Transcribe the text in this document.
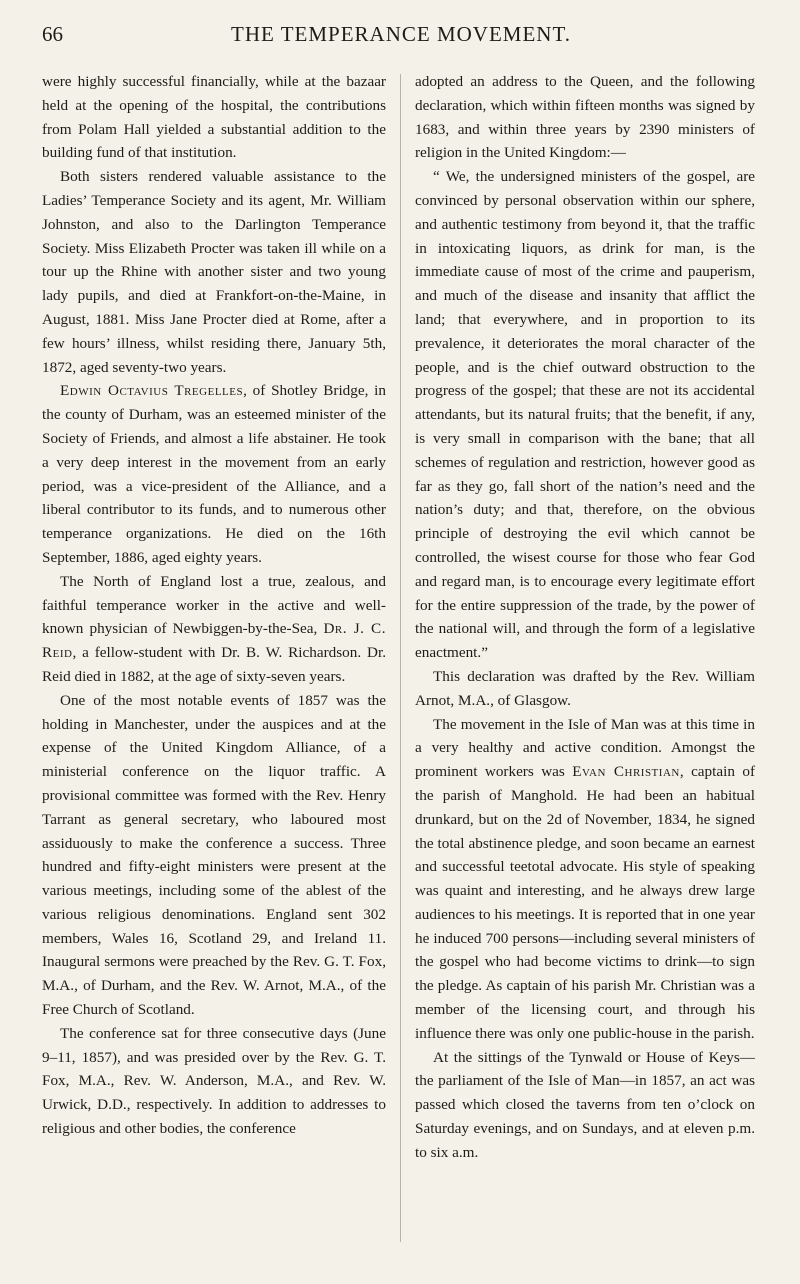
66	THE TEMPERANCE MOVEMENT.

were highly successful financially, while at the bazaar held at the opening of the hospital, the contributions from Polam Hall yielded a substantial addition to the building fund of that institution.

Both sisters rendered valuable assistance to the Ladies’ Temperance Society and its agent, Mr. William Johnston, and also to the Darlington Temperance Society. Miss Elizabeth Procter was taken ill while on a tour up the Rhine with another sister and two young lady pupils, and died at Frankfort-on-the-Maine, in August, 1881. Miss Jane Procter died at Rome, after a few hours’ illness, whilst residing there, January 5th, 1872, aged seventy-two years.

Edwin Octavius Tregelles, of Shotley Bridge, in the county of Durham, was an esteemed minister of the Society of Friends, and almost a life abstainer. He took a very deep interest in the movement from an early period, was a vice-president of the Alliance, and a liberal contributor to its funds, and to numerous other temperance organizations. He died on the 16th September, 1886, aged eighty years.

The North of England lost a true, zealous, and faithful temperance worker in the active and well-known physician of Newbiggen-by-the-Sea, Dr. J. C. Reid, a fellow-student with Dr. B. W. Richardson. Dr. Reid died in 1882, at the age of sixty-seven years.

One of the most notable events of 1857 was the holding in Manchester, under the auspices and at the expense of the United Kingdom Alliance, of a ministerial conference on the liquor traffic. A provisional committee was formed with the Rev. Henry Tarrant as general secretary, who laboured most assiduously to make the conference a success. Three hundred and fifty-eight ministers were present at the various meetings, including some of the ablest of the various religious denominations. England sent 302 members, Wales 16, Scotland 29, and Ireland 11. Inaugural sermons were preached by the Rev. G. T. Fox, M.A., of Durham, and the Rev. W. Arnot, M.A., of the Free Church of Scotland.

The conference sat for three consecutive days (June 9–11, 1857), and was presided over by the Rev. G. T. Fox, M.A., Rev. W. Anderson, M.A., and Rev. W. Urwick, D.D., respectively. In addition to addresses to religious and other bodies, the conference

adopted an address to the Queen, and the following declaration, which within fifteen months was signed by 1683, and within three years by 2390 ministers of religion in the United Kingdom:—

“ We, the undersigned ministers of the gospel, are convinced by personal observation within our sphere, and authentic testimony from beyond it, that the traffic in intoxicating liquors, as drink for man, is the immediate cause of most of the crime and pauperism, and much of the disease and insanity that afflict the land; that everywhere, and in proportion to its prevalence, it deteriorates the moral character of the people, and is the chief outward obstruction to the progress of the gospel; that these are not its accidental attendants, but its natural fruits; that the benefit, if any, is very small in comparison with the bane; that all schemes of regulation and restriction, however good as far as they go, fall short of the nation’s need and the nation’s duty; and that, therefore, on the obvious principle of destroying the evil which cannot be controlled, the wisest course for those who fear God and regard man, is to encourage every legitimate effort for the entire suppression of the trade, by the power of the national will, and through the form of a legislative enactment.”

This declaration was drafted by the Rev. William Arnot, M.A., of Glasgow.

The movement in the Isle of Man was at this time in a very healthy and active condition. Amongst the prominent workers was Evan Christian, captain of the parish of Manghold. He had been an habitual drunkard, but on the 2d of November, 1834, he signed the total abstinence pledge, and soon became an earnest and successful teetotal advocate. His style of speaking was quaint and interesting, and he always drew large audiences to his meetings. It is reported that in one year he induced 700 persons—including several ministers of the gospel who had become victims to drink—to sign the pledge. As captain of his parish Mr. Christian was a member of the licensing court, and through his influence there was only one public-house in the parish.

At the sittings of the Tynwald or House of Keys—the parliament of the Isle of Man—in 1857, an act was passed which closed the taverns from ten o’clock on Saturday evenings, and on Sundays, and at eleven p.m. to six a.m.
